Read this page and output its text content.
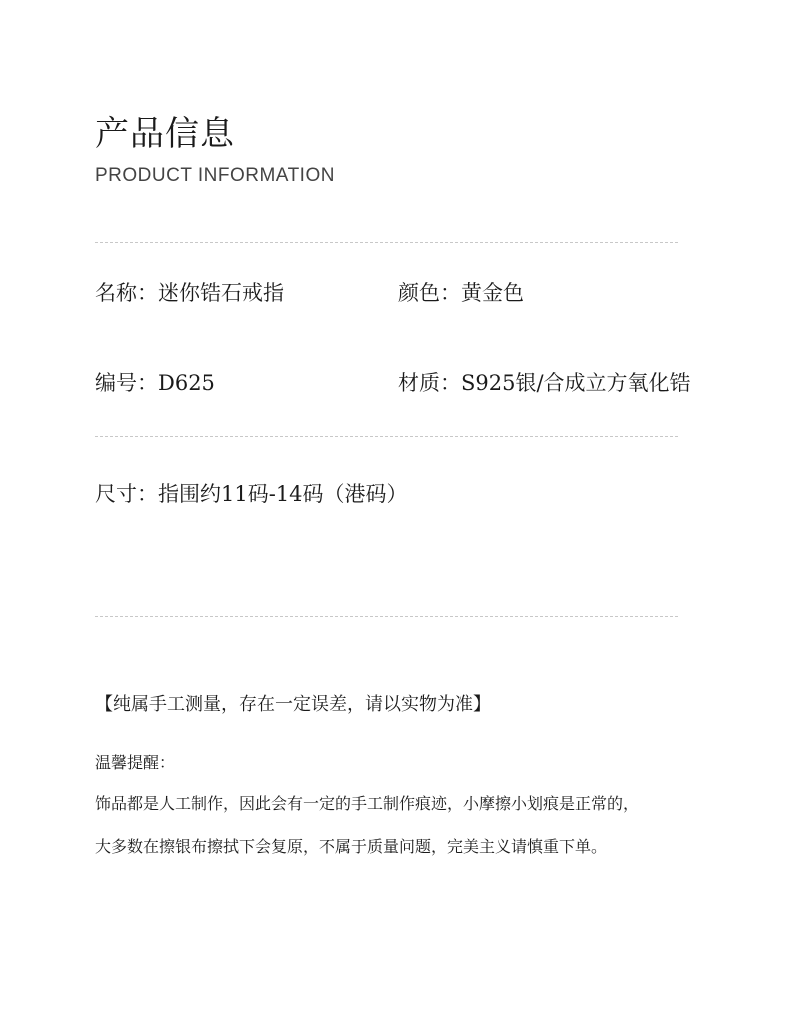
产品信息
PRODUCT INFORMATION
名称：迷你锆石戒指	颜色：黄金色
编号：D625	材质：S925银/合成立方氧化锆
尺寸：指围约11码-14码（港码）
【纯属手工测量，存在一定误差，请以实物为准】
温馨提醒：
饰品都是人工制作，因此会有一定的手工制作痕迹，小摩擦小划痕是正常的，
大多数在擦银布擦拭下会复原，不属于质量问题，完美主义请慎重下单。
